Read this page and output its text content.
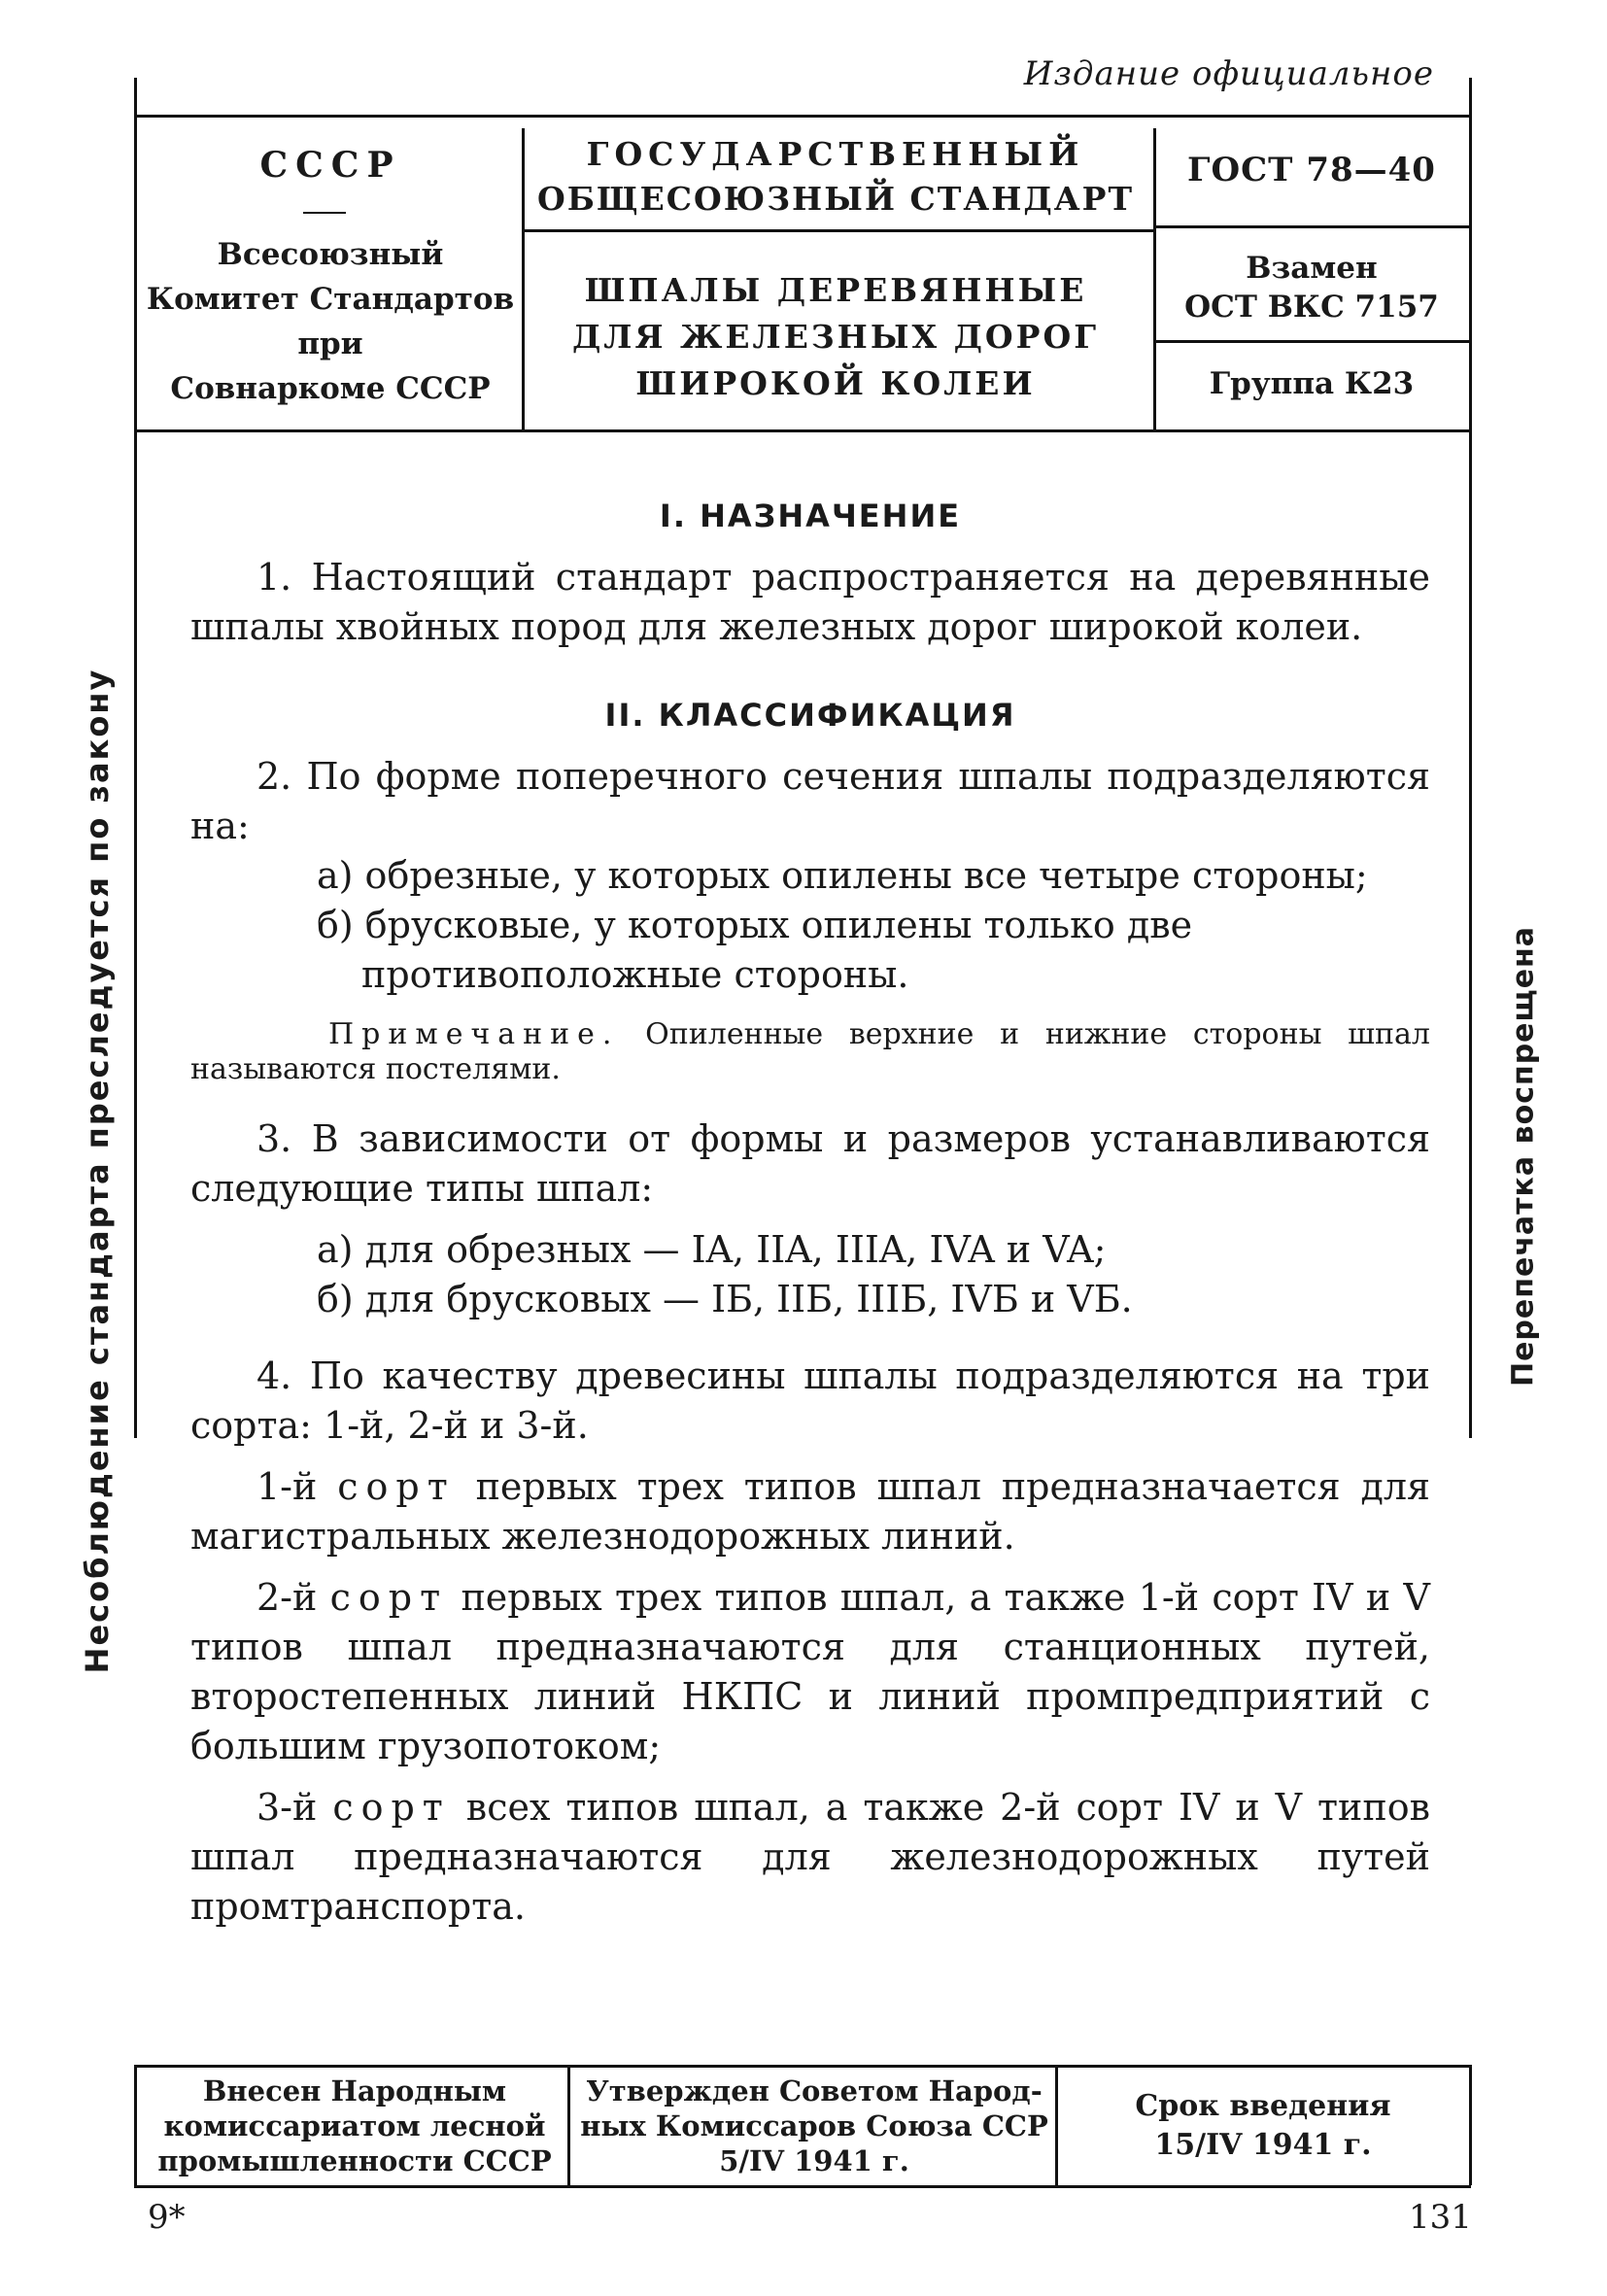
Издание официальное
СССР
Всесоюзный
Комитет Стандартов
при
Совнаркоме СССР
ГОСУДАРСТВЕННЫЙ
ОБЩЕСОЮЗНЫЙ СТАНДАРТ
ШПАЛЫ ДЕРЕВЯННЫЕ
ДЛЯ ЖЕЛЕЗНЫХ ДОРОГ
ШИРОКОЙ КОЛЕИ
ГОСТ 78—40
Взамен
ОСТ ВКС 7157
Группа К23
I. НАЗНАЧЕНИЕ

1. Настоящий стандарт распространяется на деревянные шпалы хвойных пород для железных дорог широкой колеи.

II. КЛАССИФИКАЦИЯ

2. По форме поперечного сечения шпалы подразделяются на:

а) обрезные, у которых опилены все четыре стороны;

б) брусковые, у которых опилены только две противоположные стороны.

Примечание. Опиленные верхние и нижние стороны шпал называются постелями.

3. В зависимости от формы и размеров устанавливаются следующие типы шпал:

а) для обрезных — IA, IIA, IIIA, IVA и VA;

б) для брусковых — IБ, IIБ, IIIБ, IVБ и VБ.

4. По качеству древесины шпалы подразделяются на три сорта: 1-й, 2-й и 3-й.

1-й сорт первых трех типов шпал предназначается для магистральных железнодорожных линий.

2-й сорт первых трех типов шпал, а также 1-й сорт IV и V типов шпал предназначаются для станционных путей, второстепенных линий НКПС и линий промпредприятий с большим грузопотоком;

3-й сорт всех типов шпал, а также 2-й сорт IV и V типов шпал предназначаются для железнодорожных путей промтранспорта.

Несоблюдение стандарта преследуется по закону	Перепечатка воспрещена
Внесен Народным
комиссариатом лесной
промышленности СССР
Утвержден Советом Народ-
ных Комиссаров Союза ССР
5/IV 1941 г.
Срок введения
15/IV 1941 г.
9*	131
